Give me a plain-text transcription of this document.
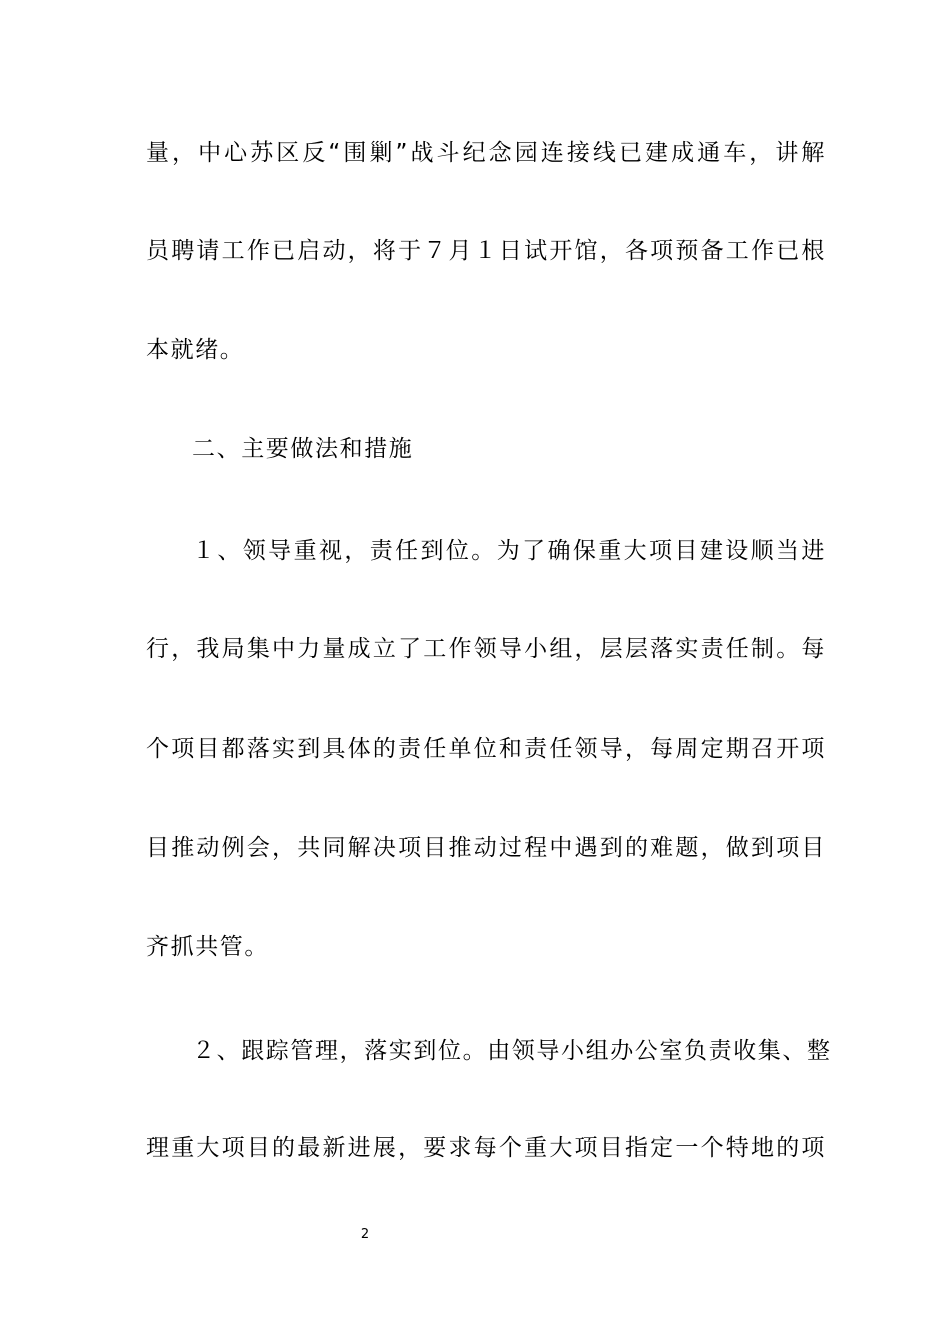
量，中心苏区反“围剿”战斗纪念园连接线已建成通车，讲解
员聘请工作已启动，将于７月１日试开馆，各项预备工作已根
本就绪。
二、主要做法和措施
１、领导重视，责任到位。为了确保重大项目建设顺当进
行，我局集中力量成立了工作领导小组，层层落实责任制。每
个项目都落实到具体的责任单位和责任领导，每周定期召开项
目推动例会，共同解决项目推动过程中遇到的难题，做到项目
齐抓共管。
２、跟踪管理，落实到位。由领导小组办公室负责收集、整
理重大项目的最新进展，要求每个重大项目指定一个特地的项
2
